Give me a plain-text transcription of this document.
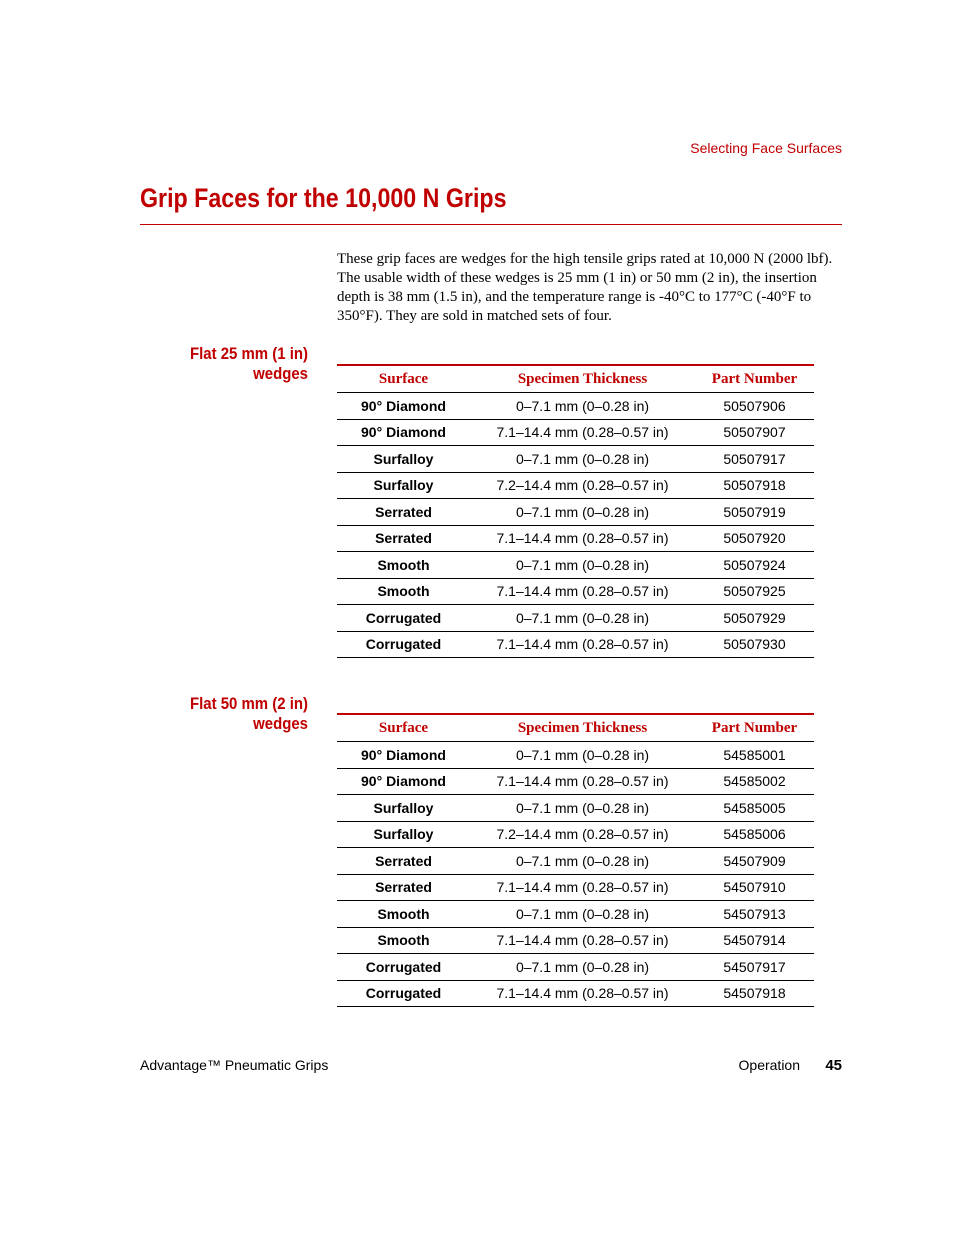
Selecting Face Surfaces
Grip Faces for the 10,000 N Grips

These grip faces are wedges for the high tensile grips rated at 10,000 N (2000 lbf). The usable width of these wedges is 25 mm (1 in) or 50 mm (2 in), the insertion depth is 38 mm (1.5 in), and the temperature range is -40°C to 177°C (-40°F to 350°F). They are sold in matched sets of four.

Flat 25 mm (1 in)
wedges	Surface	Specimen Thickness	Part Number
90° Diamond	0–7.1 mm (0–0.28 in)	50507906
90° Diamond	7.1–14.4 mm (0.28–0.57 in)	50507907
Surfalloy	0–7.1 mm (0–0.28 in)	50507917
Surfalloy	7.2–14.4 mm (0.28–0.57 in)	50507918
Serrated	0–7.1 mm (0–0.28 in)	50507919
Serrated	7.1–14.4 mm (0.28–0.57 in)	50507920
Smooth	0–7.1 mm (0–0.28 in)	50507924
Smooth	7.1–14.4 mm (0.28–0.57 in)	50507925
Corrugated	0–7.1 mm (0–0.28 in)	50507929
Corrugated	7.1–14.4 mm (0.28–0.57 in)	50507930
Flat 50 mm (2 in)
wedges	Surface	Specimen Thickness	Part Number
90° Diamond	0–7.1 mm (0–0.28 in)	54585001
90° Diamond	7.1–14.4 mm (0.28–0.57 in)	54585002
Surfalloy	0–7.1 mm (0–0.28 in)	54585005
Surfalloy	7.2–14.4 mm (0.28–0.57 in)	54585006
Serrated	0–7.1 mm (0–0.28 in)	54507909
Serrated	7.1–14.4 mm (0.28–0.57 in)	54507910
Smooth	0–7.1 mm (0–0.28 in)	54507913
Smooth	7.1–14.4 mm (0.28–0.57 in)	54507914
Corrugated	0–7.1 mm (0–0.28 in)	54507917
Corrugated	7.1–14.4 mm (0.28–0.57 in)	54507918
Advantage™ Pneumatic Grips	Operation 45
